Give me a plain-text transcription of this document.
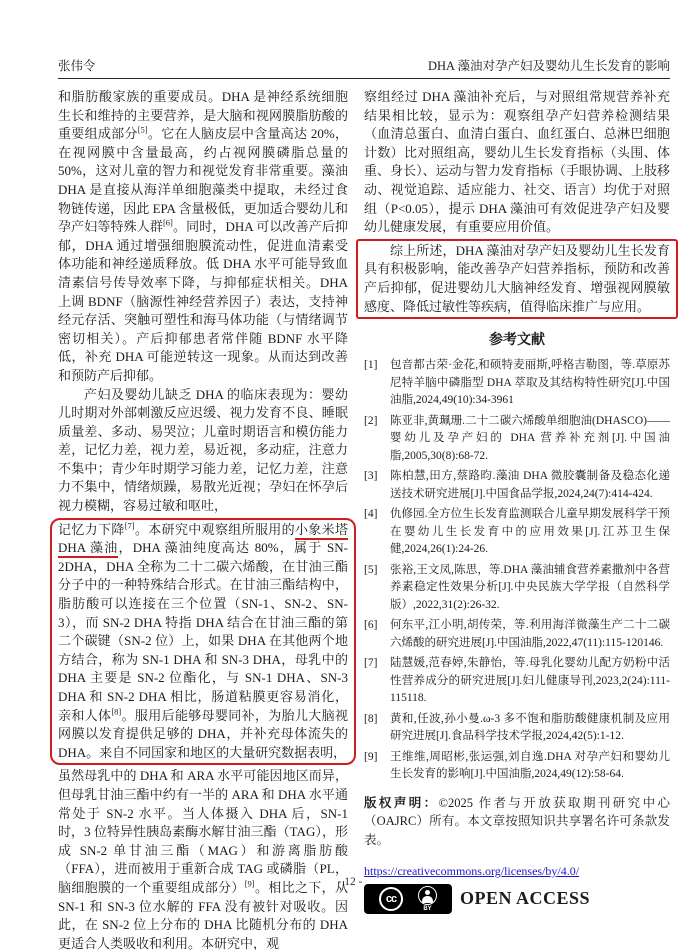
张伟令	DHA 藻油对孕产妇及婴幼儿生长发育的影响

和脂肪酸家族的重要成员。DHA 是神经系统细胞生长和维持的主要营养，是大脑和视网膜脂肪酸的重要组成部分[5]。它在人脑皮层中含量高达 20%，在视网膜中含量最高，约占视网膜磷脂总量的 50%，这对儿童的智力和视觉发育非常重要。藻油 DHA 是直接从海洋单细胞藻类中提取，未经过食物链传递，因此 EPA 含量极低，更加适合婴幼儿和孕产妇等特殊人群[6]。同时，DHA 可以改善产后抑郁，DHA 通过增强细胞膜流动性，促进血清素受体功能和神经递质释放。低 DHA 水平可能导致血清素信号传导效率下降，与抑郁症状相关。DHA 上调 BDNF（脑源性神经营养因子）表达，支持神经元存活、突触可塑性和海马体功能（与情绪调节密切相关）。产后抑郁患者常伴随 BDNF 水平降低，补充 DHA 可能逆转这一现象。从而达到改善和预防产后抑郁。

产妇及婴幼儿缺乏 DHA 的临床表现为：婴幼儿时期对外部刺激反应迟缓、视力发育不良、睡眠质量差、多动、易哭泣；儿童时期语言和模仿能力差，记忆力差，视力差，易近视，多动症，注意力不集中；青少年时期学习能力差，记忆力差，注意力不集中，情绪烦躁，易散光近视；孕妇在怀孕后视力模糊，容易过敏和呕吐，

记忆力下降[7]。本研究中观察组所服用的小象米塔 DHA 藻油，DHA 藻油纯度高达 80%，属于 SN-2DHA，DHA 全称为二十二碳六烯酸，在甘油三酯分子中的一种特殊结合形式。在甘油三酯结构中，脂肪酸可以连接在三个位置（SN-1、SN-2、SN-3），而 SN-2 DHA 特指 DHA 结合在甘油三酯的第二个碳键（SN-2 位）上，如果 DHA 在其他两个地方结合，称为 SN-1 DHA 和 SN-3 DHA，母乳中的 DHA 主要是 SN-2 位酯化，与 SN-1 DHA、SN-3 DHA 和 SN-2 DHA 相比，肠道粘膜更容易消化，亲和人体[8]。服用后能够母婴同补，为胎儿大脑视网膜以发育提供足够的 DHA，并补充母体流失的 DHA。来自不同国家和地区的大量研究数据表明，

虽然母乳中的 DHA 和 ARA 水平可能因地区而异，但母乳甘油三酯中约有一半的 ARA 和 DHA 水平通常处于 SN-2 水平。当人体摄入 DHA 后，SN-1 时，3 位特异性胰岛素酶水解甘油三酯（TAG），形成 SN-2 单甘油三酯（MAG）和游离脂肪酸（FFA），进而被用于重新合成 TAG 或磷脂（PL，脑细胞膜的一个重要组成部分）[9]。相比之下，从 SN-1 和 SN-3 位水解的 FFA 没有被针对吸收。因此，在 SN-2 位上分布的 DHA 比随机分布的 DHA 更适合人类吸收和利用。本研究中，观

察组经过 DHA 藻油补充后，与对照组常规营养补充结果相比较，显示为：观察组孕产妇营养检测结果（血清总蛋白、血清白蛋白、血红蛋白、总淋巴细胞计数）比对照组高，婴幼儿生长发育指标（头围、体重、身长）、运动与智力发育指标（手眼协调、上肢移动、视觉追踪、适应能力、社交、语言）均优于对照组（P<0.05），提示 DHA 藻油可有效促进孕产妇及婴幼儿健康发展，有重要应用价值。

综上所述，DHA 藻油对孕产妇及婴幼儿生长发育具有积极影响，能改善孕产妇营养指标，预防和改善产后抑郁，促进婴幼儿大脑神经发育、增强视网膜敏感度、降低过敏性等疾病，值得临床推广与应用。
参考文献
[1]	包音都古荣·金花,和硕特麦丽斯,呼格吉勒图，等.草原苏尼特羊脑中磷脂型 DHA 萃取及其结构特性研究[J].中国油脂,2024,49(10):34-3961
[2]	陈亚非,黄珮珊.二十二碳六烯酸单细胞油(DHASCO)——婴幼儿及孕产妇的 DHA 营养补充剂[J].中国油脂,2005,30(8):68-72.
[3]	陈柏慧,田方,蔡路昀.藻油 DHA 微胶囊制备及稳态化递送技术研究进展[J].中国食品学报,2024,24(7):414-424.
[4]	仇修园.全方位生长发育监测联合儿童早期发展科学干预在婴幼儿生长发育中的应用效果[J].江苏卫生保健,2024,26(1):24-26.
[5]	张裕,王文凤,陈思，等.DHA 藻油辅食营养素撒剂中各营养素稳定性效果分析[J].中央民族大学学报（自然科学版）,2022,31(2):26-32.
[6]	何东平,江小明,胡传荣，等.利用海洋微藻生产二十二碳六烯酸的研究进展[J].中国油脂,2022,47(11):115-120146.
[7]	陆慧媛,范春婷,朱静怡，等.母乳化婴幼儿配方奶粉中活性营养成分的研究进展[J].妇儿健康导刊,2023,2(24):111-115118.
[8]	黄和,任波,孙小曼.ω-3 多不饱和脂肪酸健康机制及应用研究进展[J].食品科学技术学报,2024,42(5):1-12.
[9]	王维维,周昭彬,张运强,刘自逸.DHA 对孕产妇和婴幼儿生长发育的影响[J].中国油脂,2024,49(12):58-64.

版权声明：©2025 作者与开放获取期刊研究中心（OAJRC）所有。本文章按照知识共享署名许可条款发表。

https://creativecommons.org/licenses/by/4.0/
cc
BY
OPEN ACCESS
- 12 -
